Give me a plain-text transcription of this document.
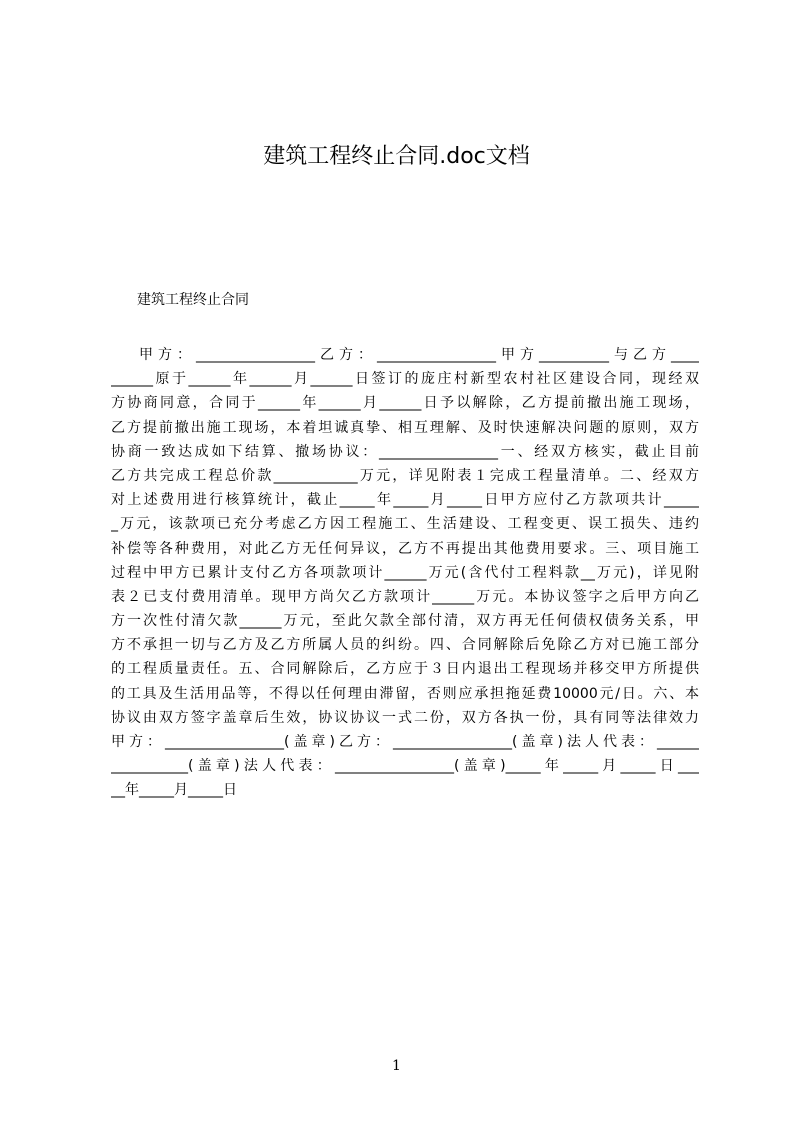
建筑工程终止合同.doc文档
建筑工程终止合同
甲方：_________________乙方：_________________甲方__________与乙方____
______原于______年______月______日签订的庞庄村新型农村社区建设合同，现经双
方协商同意，合同于______年______月______日予以解除，乙方提前撤出施工现场，
乙方提前撤出施工现场，本着坦诚真挚、相互理解、及时快速解决问题的原则，双方
协商一致达成如下结算、撤场协议：_________________一、经双方核实，截止目前
乙方共完成工程总价款____________万元，详见附表１完成工程量清单。二、经双方
对上述费用进行核算统计，截止_____年_____月_____日甲方应付乙方款项共计_____
_万元，该款项已充分考虑乙方因工程施工、生活建设、工程变更、误工损失、违约
补偿等各种费用，对此乙方无任何异议，乙方不再提出其他费用要求。三、项目施工
过程中甲方已累计支付乙方各项款项计______万元(含代付工程料款__万元)，详见附
表２已支付费用清单。现甲方尚欠乙方款项计______万元。本协议签字之后甲方向乙
方一次性付清欠款______万元，至此欠款全部付清，双方再无任何债权债务关系，甲
方不承担一切与乙方及乙方所属人员的纠纷。四、合同解除后免除乙方对已施工部分
的工程质量责任。五、合同解除后，乙方应于３日内退出工程现场并移交甲方所提供
的工具及生活用品等，不得以任何理由滞留，否则应承担拖延费10000元/日。六、本
协议由双方签字盖章后生效，协议协议一式二份，双方各执一份，具有同等法律效力
甲方：_________________(盖章)乙方：_________________(盖章)法人代表：______
___________(盖章)法人代表：_________________(盖章)_____年_____月_____日___
__年_____月_____日
1
